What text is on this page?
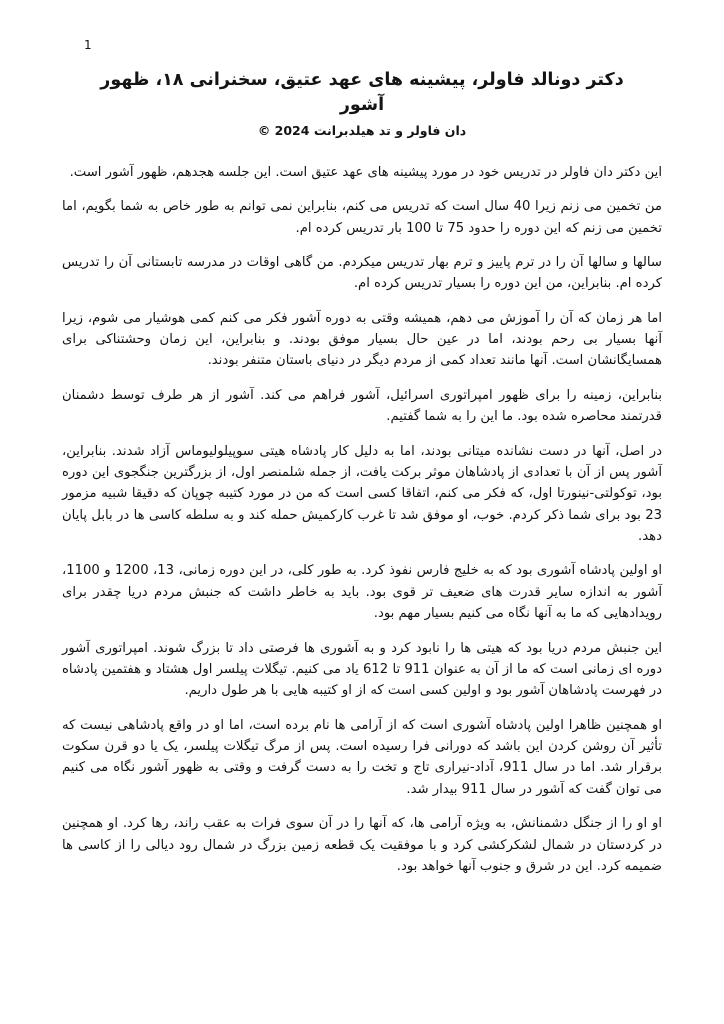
1
دکتر دونالد فاولر، پیشینه های عهد عتیق، سخنرانی ۱۸، ظهور آشور
© 2024 دان فاولر و تد هیلدبرانت

این دکتر دان فاولر در تدریس خود در مورد پیشینه های عهد عتیق است. این جلسه هجدهم، ظهور آشور است.

من تخمین می زنم زیرا 40 سال است که تدریس می کنم، بنابراین نمی توانم به طور خاص به شما بگویم، اما تخمین می زنم که این دوره را حدود 75 تا 100 بار تدریس کرده ام.

سالها و سالها آن را در ترم پاییز و ترم بهار تدریس میکردم. من گاهی اوقات در مدرسه تابستانی آن را تدریس کرده ام. بنابراین، من این دوره را بسیار تدریس کرده ام.

اما هر زمان که آن را آموزش می دهم، همیشه وقتی به دوره آشور فکر می کنم کمی هوشیار می شوم، زیرا آنها بسیار بی رحم بودند، اما در عین حال بسیار موفق بودند. و بنابراین، این زمان وحشتناکی برای همسایگانشان است. آنها مانند تعداد کمی از مردم دیگر در دنیای باستان متنفر بودند.

بنابراین، زمینه را برای ظهور امپراتوری اسرائیل، آشور فراهم می کند. آشور از هر طرف توسط دشمنان قدرتمند محاصره شده بود. ما این را به شما گفتیم.

در اصل، آنها در دست نشانده میتانی بودند، اما به دلیل کار پادشاه هیتی سوپیلولیوماس آزاد شدند. بنابراین، آشور پس از آن با تعدادی از پادشاهان موثر برکت یافت، از جمله شلمنصر اول، از بزرگترین جنگجوی این دوره بود، توکولتی-نینورتا اول، که فکر می کنم، اتفاقا کسی است که من در مورد کتیبه چوپان که دقیقا شبیه مزمور 23 بود برای شما ذکر کردم. خوب، او موفق شد تا غرب کارکمیش حمله کند و به سلطه کاسی ها در بابل پایان دهد.

او اولین پادشاه آشوری بود که به خلیج فارس نفوذ کرد. به طور کلی، در این دوره زمانی، 13، 1200 و 1100، آشور به اندازه سایر قدرت های ضعیف تر قوی بود. باید به خاطر داشت که جنبش مردم دریا چقدر برای رویدادهایی که ما به آنها نگاه می کنیم بسیار مهم بود.

این جنبش مردم دریا بود که هیتی ها را نابود کرد و به آشوری ها فرصتی داد تا بزرگ شوند. امپراتوری آشور دوره ای زمانی است که ما از آن به عنوان 911 تا 612 یاد می کنیم. تیگلات پیلسر اول هشتاد و هفتمین پادشاه در فهرست پادشاهان آشور بود و اولین کسی است که از او کتیبه هایی با هر طول داریم.

او همچنین ظاهرا اولین پادشاه آشوری است که از آرامی ها نام برده است، اما او در واقع پادشاهی نیست که تأثیر آن روشن کردن این باشد که دورانی فرا رسیده است. پس از مرگ تیگلات پیلسر، یک یا دو قرن سکوت برقرار شد. اما در سال 911، آداد-نیراری تاج و تخت را به دست گرفت و وقتی به ظهور آشور نگاه می کنیم می توان گفت که آشور در سال 911 بیدار شد.

او او را از جنگل دشمنانش، به ویژه آرامی ها، که آنها را در آن سوی فرات به عقب راند، رها کرد. او همچنین در کردستان در شمال لشکرکشی کرد و با موفقیت یک قطعه زمین بزرگ در شمال رود دیالی را از کاسی ها ضمیمه کرد. این در شرق و جنوب آنها خواهد بود.
